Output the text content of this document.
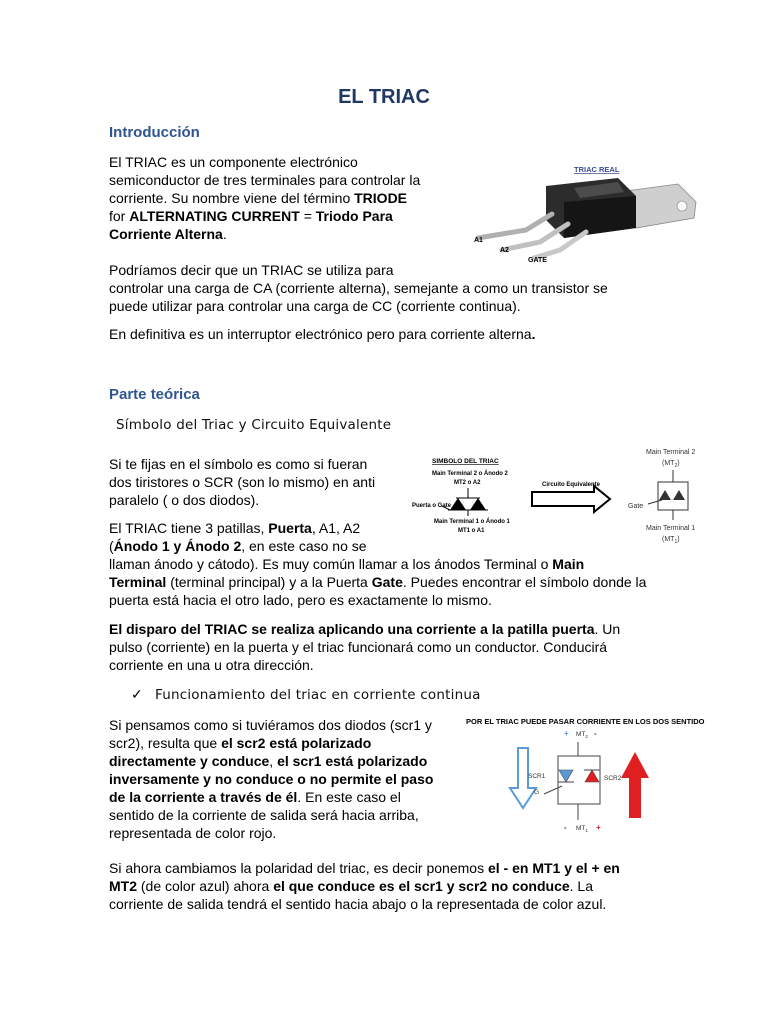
EL TRIAC
Introducción
El TRIAC es un componente electrónico
semiconductor de tres terminales para controlar la
corriente. Su nombre viene del término TRIODE
for ALTERNATING CURRENT = Triodo Para
Corriente Alterna.
TRIAC REAL
A1
A2
GATE
Podríamos decir que un TRIAC se utiliza para
controlar una carga de CA (corriente alterna), semejante a como un transistor se
puede utilizar para controlar una carga de CC (corriente continua).
En definitiva es un interruptor electrónico pero para corriente alterna.
Parte teórica
Símbolo del Triac y Circuito Equivalente
Si te fijas en el símbolo es como si fueran
dos tiristores o SCR (son lo mismo) en anti
paralelo ( o dos diodos).
SIMBOLO DEL TRIAC
Main Terminal 2 o Ánodo 2
MT2 o A2
Puerta o Gate
Main Terminal 1 o Ánodo 1
MT1 o A1
Circuito Equivalente
Main Terminal 2
$(MT_2)$
Gate
Main Terminal 1
$(MT_1)$
El TRIAC tiene 3 patillas, Puerta, A1, A2
(Ánodo 1 y Ánodo 2, en este caso no se
llaman ánodo y cátodo). Es muy común llamar a los ánodos Terminal o Main
Terminal (terminal principal) y a la Puerta Gate. Puedes encontrar el símbolo donde la
puerta está hacia el otro lado, pero es exactamente lo mismo.
El disparo del TRIAC se realiza aplicando una corriente a la patilla puerta. Un
pulso (corriente) en la puerta y el triac funcionará como un conductor. Conducirá
corriente en una u otra dirección.
✓ Funcionamiento del triac en corriente continua
Si pensamos como si tuviéramos dos diodos (scr1 y
scr2), resulta que el scr2 está polarizado
directamente y conduce, el scr1 está polarizado
inversamente y no conduce o no permite el paso
de la corriente a través de él. En este caso el
sentido de la corriente de salida será hacia arriba,
representada de color rojo.
POR EL TRIAC PUEDE PASAR CORRIENTE EN LOS DOS SENTIDO
+ $MT_2$ -
G
SCR1	SCR2
- $MT_1$ +
Si ahora cambiamos la polaridad del triac, es decir ponemos el - en MT1 y el + en
MT2 (de color azul) ahora el que conduce es el scr1 y scr2 no conduce. La
corriente de salida tendrá el sentido hacia abajo o la representada de color azul.
